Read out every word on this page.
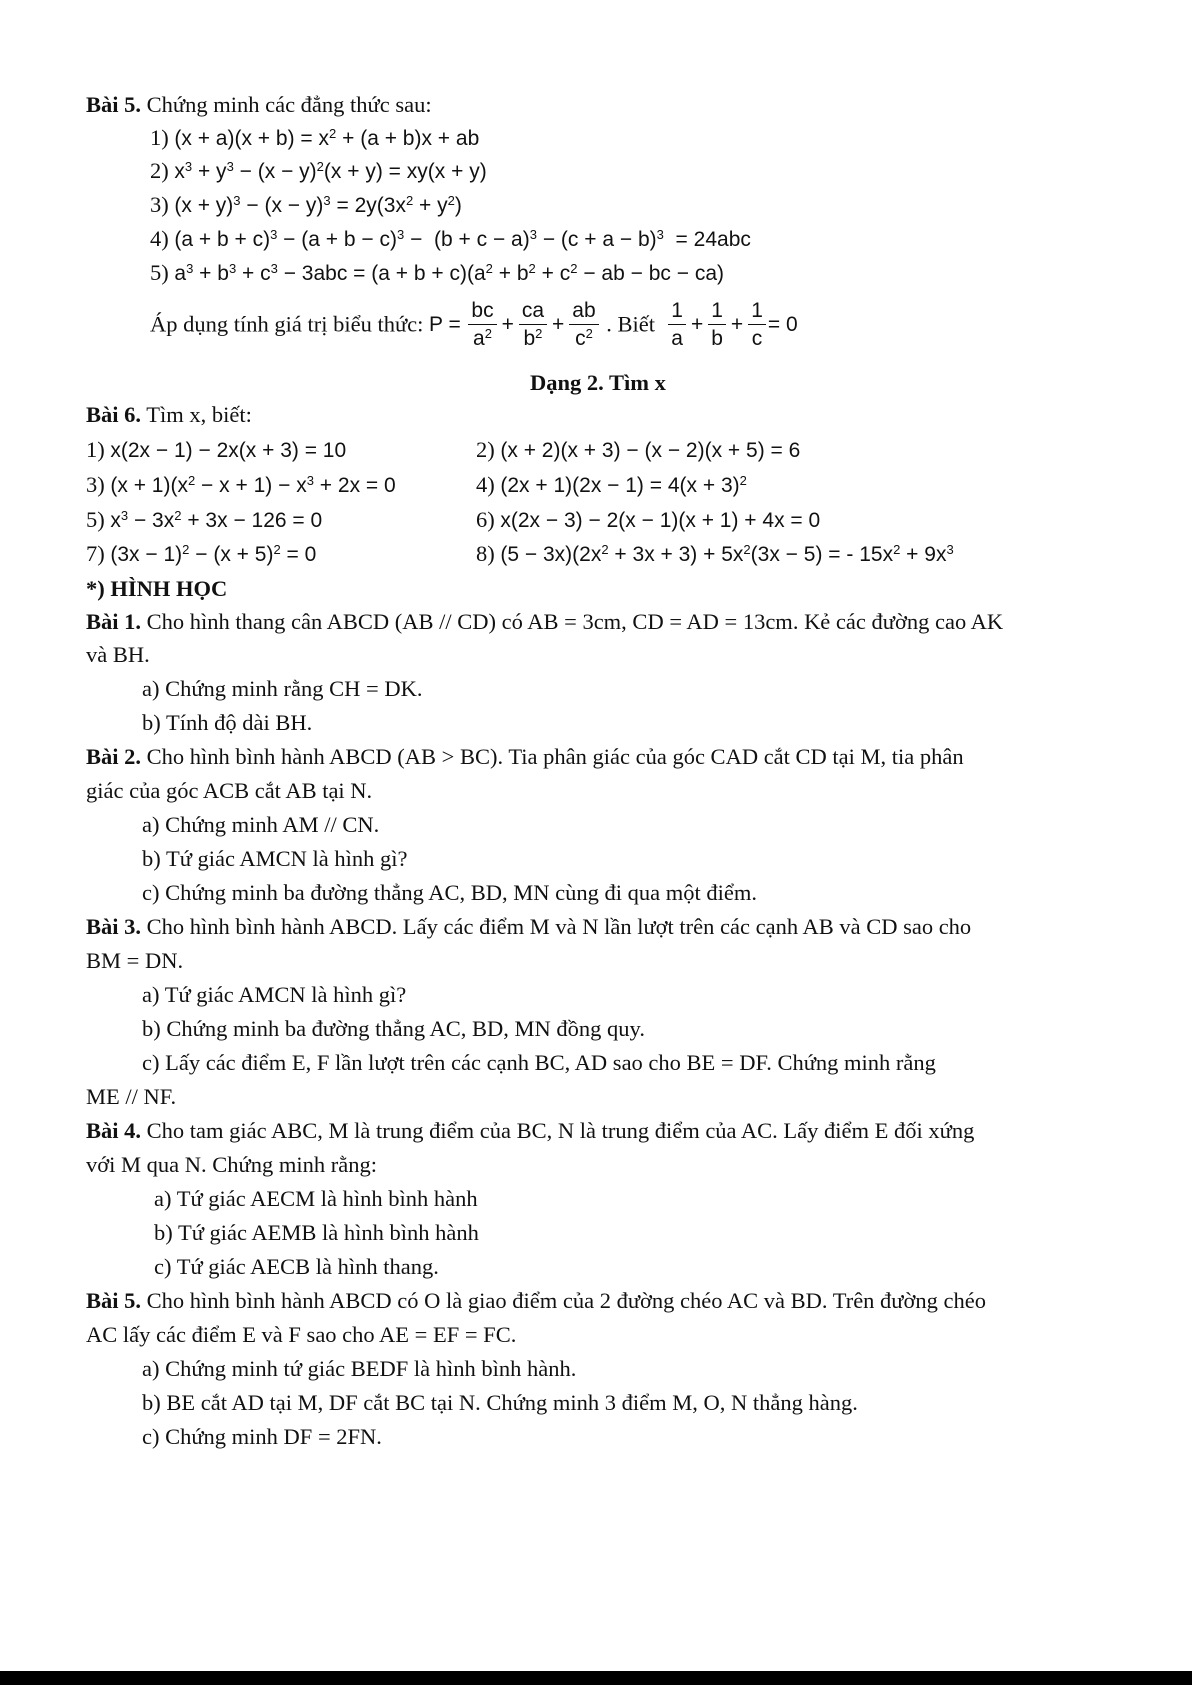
Bài 5. Chứng minh các đẳng thức sau:
1) $(x + a)(x + b) = x^2 + (a + b)x$ + ab
2) $x^3 + y^3 - (x - y)^2(x + y) = xy(x + y)$
3) $(x + y)^3 - (x - y)^3 = 2y(3x^2 + y^2)$
4) $(a + b + c)^3 - (a + b - c)^3 - (b + c - a)^3 - (c + a - b)^3 = 24abc$
5) $a^3 + b^3 + c^3 - 3abc = (a + b + c)(a^2 + b^2 + c^2$ − ab − bc − ca)
Áp dụng tính giá trị biểu thức: $P = \frac{bc}{a^2} + \frac{ca}{b^2} + \frac{ab}{c^2}$ . Biết $\frac{1}{a} + \frac{1}{b} + \frac{1}{c} = 0$
Dạng 2. Tìm x
Bài 6. Tìm x, biết:
1) x(2x − 1) − 2x(x + 3) = 10	2) (x + 2)(x + 3) − (x − 2)(x + 5) = 6
3) $(x + 1)(x^2 - x + 1) - x^3 + 2x = 0$	4) $(2x + 1)(2x - 1) = 4(x + 3)^2$
5) $x^3 - 3x^2 + 3x - 126 = 0$	6) x(2x − 3) − 2(x − 1)(x + 1) + 4x = 0
7) $(3x - 1)^2 - (x + 5)^2 = 0$	8) $(5 - 3x)(2x^2 + 3x + 3) + 5x^2(3x - 5)$ = - $15x^2 + 9x^3$
*) HÌNH HỌC
Bài 1. Cho hình thang cân ABCD (AB // CD) có AB = 3cm, CD = AD = 13cm. Kẻ các đường cao AK
và BH.
a) Chứng minh rằng CH = DK.
b) Tính độ dài BH.
Bài 2. Cho hình bình hành ABCD (AB > BC). Tia phân giác của góc CAD cắt CD tại M, tia phân
giác của góc ACB cắt AB tại N.
a) Chứng minh AM // CN.
b) Tứ giác AMCN là hình gì?
c) Chứng minh ba đường thẳng AC, BD, MN cùng đi qua một điểm.
Bài 3. Cho hình bình hành ABCD. Lấy các điểm M và N lần lượt trên các cạnh AB và CD sao cho
BM = DN.
a) Tứ giác AMCN là hình gì?
b) Chứng minh ba đường thẳng AC, BD, MN đồng quy.
c) Lấy các điểm E, F lần lượt trên các cạnh BC, AD sao cho BE = DF. Chứng minh rằng
ME // NF.
Bài 4. Cho tam giác ABC, M là trung điểm của BC, N là trung điểm của AC. Lấy điểm E đối xứng
với M qua N. Chứng minh rằng:
a) Tứ giác AECM là hình bình hành
b) Tứ giác AEMB là hình bình hành
c) Tứ giác AECB là hình thang.
Bài 5. Cho hình bình hành ABCD có O là giao điểm của 2 đường chéo AC và BD. Trên đường chéo
AC lấy các điểm E và F sao cho AE = EF = FC.
a) Chứng minh tứ giác BEDF là hình bình hành.
b) BE cắt AD tại M, DF cắt BC tại N. Chứng minh 3 điểm M, O, N thẳng hàng.
c) Chứng minh DF = 2FN.
